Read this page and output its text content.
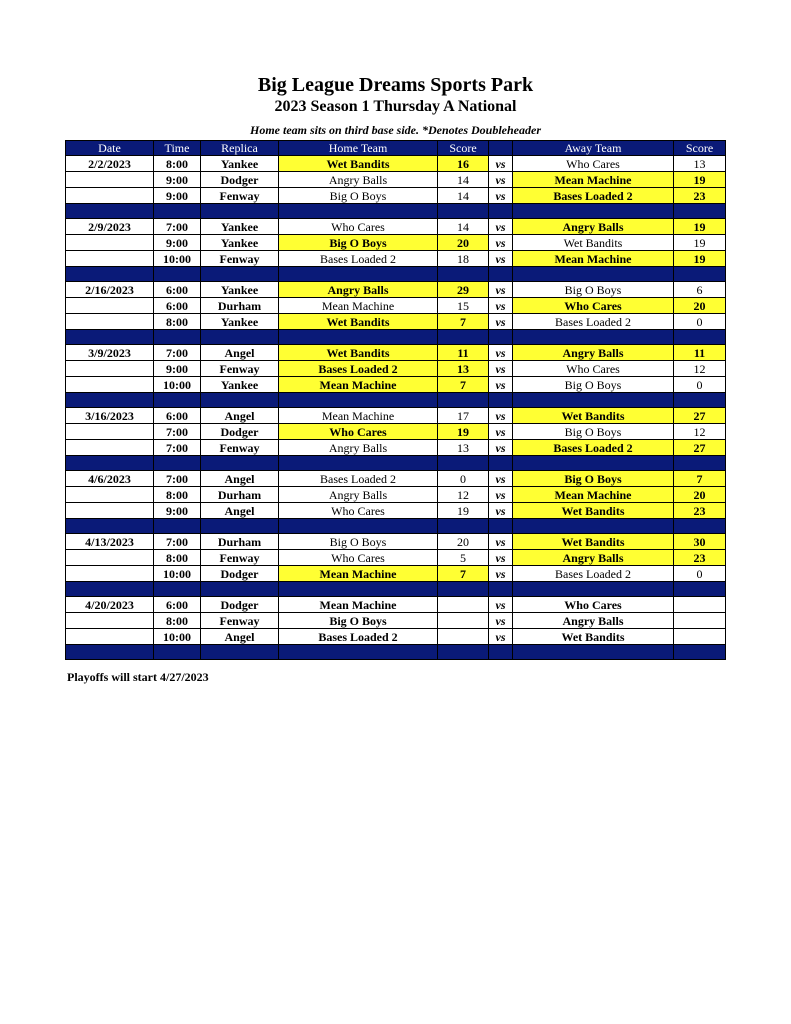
Big League Dreams Sports Park
2023 Season 1 Thursday A National
Home team sits on third base side. *Denotes Doubleheader
Date	Time	Replica	Home Team	Score		Away Team	Score
2/2/2023	8:00	Yankee	Wet Bandits	16	vs	Who Cares	13
	9:00	Dodger	Angry Balls	14	vs	Mean Machine	19
	9:00	Fenway	Big O Boys	14	vs	Bases Loaded 2	23

2/9/2023	7:00	Yankee	Who Cares	14	vs	Angry Balls	19
	9:00	Yankee	Big O Boys	20	vs	Wet Bandits	19
	10:00	Fenway	Bases Loaded 2	18	vs	Mean Machine	19

2/16/2023	6:00	Yankee	Angry Balls	29	vs	Big O Boys	6
	6:00	Durham	Mean Machine	15	vs	Who Cares	20
	8:00	Yankee	Wet Bandits	7	vs	Bases Loaded 2	0

3/9/2023	7:00	Angel	Wet Bandits	11	vs	Angry Balls	11
	9:00	Fenway	Bases Loaded 2	13	vs	Who Cares	12
	10:00	Yankee	Mean Machine	7	vs	Big O Boys	0

3/16/2023	6:00	Angel	Mean Machine	17	vs	Wet Bandits	27
	7:00	Dodger	Who Cares	19	vs	Big O Boys	12
	7:00	Fenway	Angry Balls	13	vs	Bases Loaded 2	27

4/6/2023	7:00	Angel	Bases Loaded 2	0	vs	Big O Boys	7
	8:00	Durham	Angry Balls	12	vs	Mean Machine	20
	9:00	Angel	Who Cares	19	vs	Wet Bandits	23

4/13/2023	7:00	Durham	Big O Boys	20	vs	Wet Bandits	30
	8:00	Fenway	Who Cares	5	vs	Angry Balls	23
	10:00	Dodger	Mean Machine	7	vs	Bases Loaded 2	0

4/20/2023	6:00	Dodger	Mean Machine		vs	Who Cares	
	8:00	Fenway	Big O Boys		vs	Angry Balls	
	10:00	Angel	Bases Loaded 2		vs	Wet Bandits	

Playoffs will start 4/27/2023
